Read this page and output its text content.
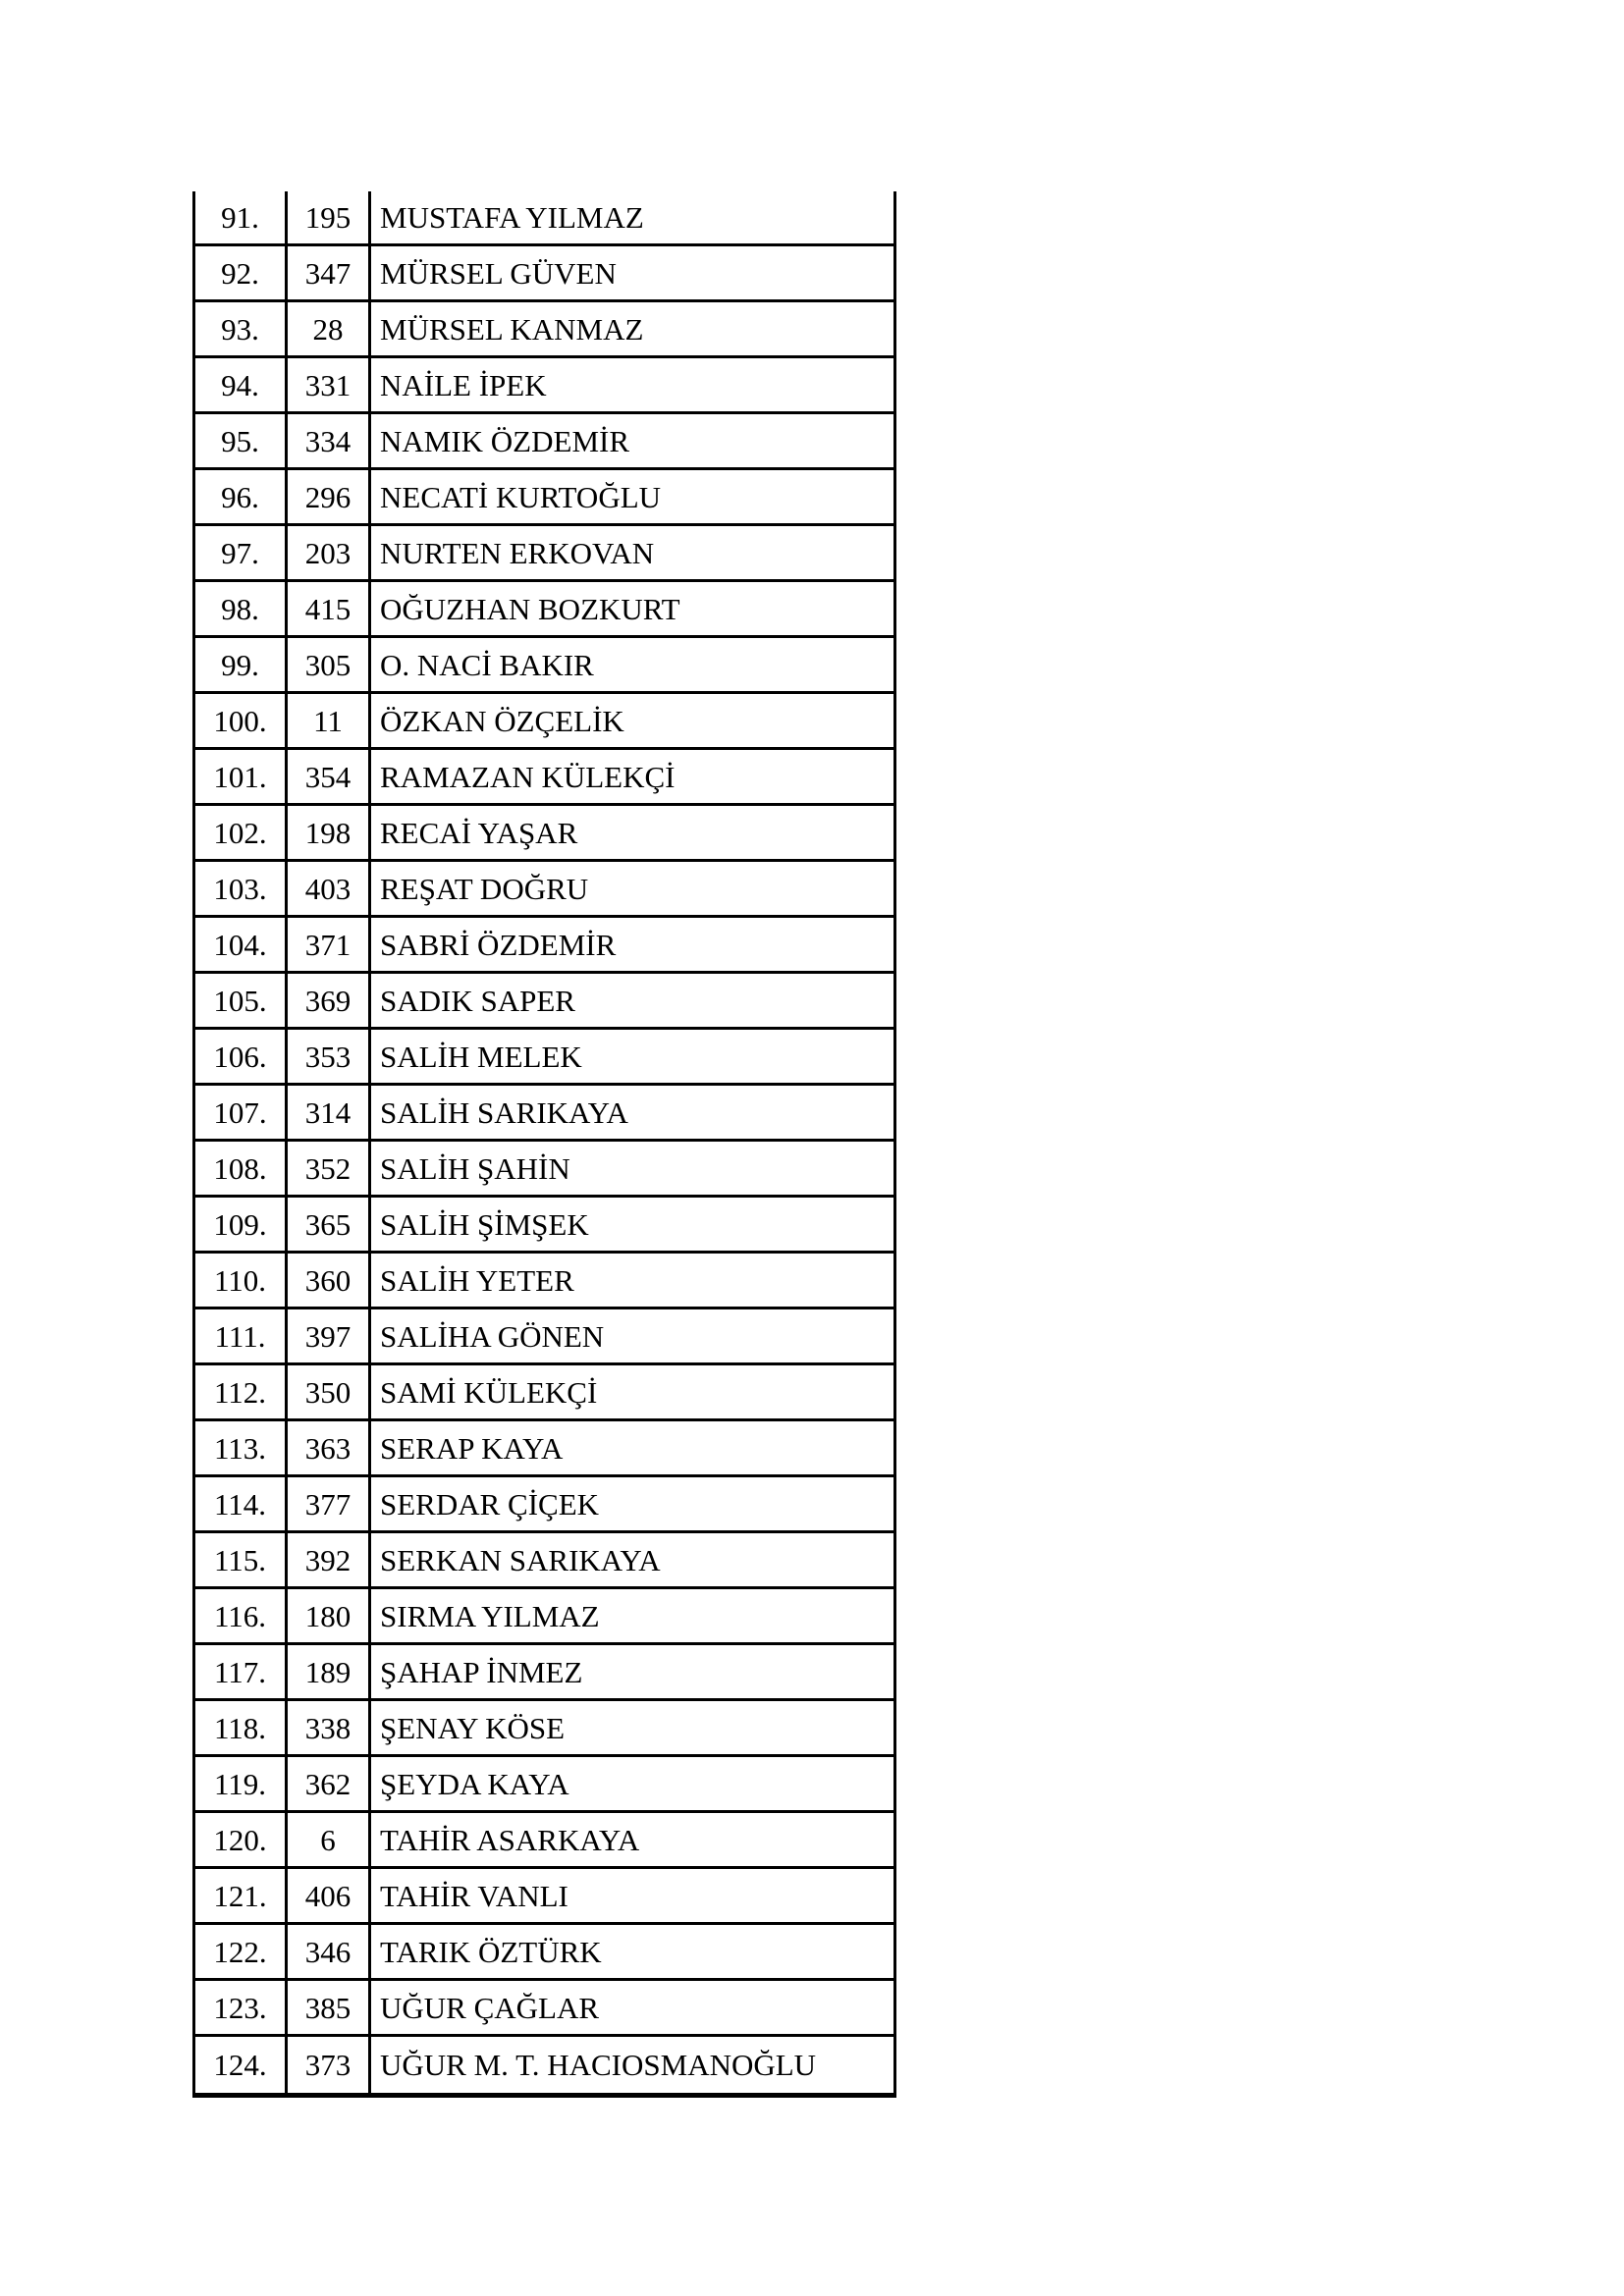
91.	195 MUSTAFA YILMAZ
92.	347 MÜRSEL GÜVEN
93.	28	MÜRSEL KANMAZ
94.	331 NAİLE İPEK
95.	334 NAMIK ÖZDEMİR
96.	296 NECATİ KURTOĞLU
97.	203 NURTEN ERKOVAN
98.	415 OĞUZHAN BOZKURT
99.	305 O. NACİ BAKIR
100.	11	ÖZKAN ÖZÇELİK
101.	354 RAMAZAN KÜLEKÇİ
102.	198 RECAİ YAŞAR
103.	403 REŞAT DOĞRU
104.	371 SABRİ ÖZDEMİR
105.	369 SADIK SAPER
106.	353 SALİH MELEK
107.	314 SALİH SARIKAYA
108.	352 SALİH ŞAHİN
109.	365 SALİH ŞİMŞEK
110.	360 SALİH YETER
111.	397 SALİHA GÖNEN
112.	350 SAMİ KÜLEKÇİ
113.	363 SERAP KAYA
114.	377 SERDAR ÇİÇEK
115.	392 SERKAN SARIKAYA
116.	180 SIRMA YILMAZ
117.	189 ŞAHAP İNMEZ
118.	338 ŞENAY KÖSE
119.	362 ŞEYDA KAYA
120.	6	TAHİR ASARKAYA
121.	406 TAHİR VANLI
122.	346 TARIK ÖZTÜRK
123.	385 UĞUR ÇAĞLAR
124.	373 UĞUR M. T. HACIOSMANOĞLU
